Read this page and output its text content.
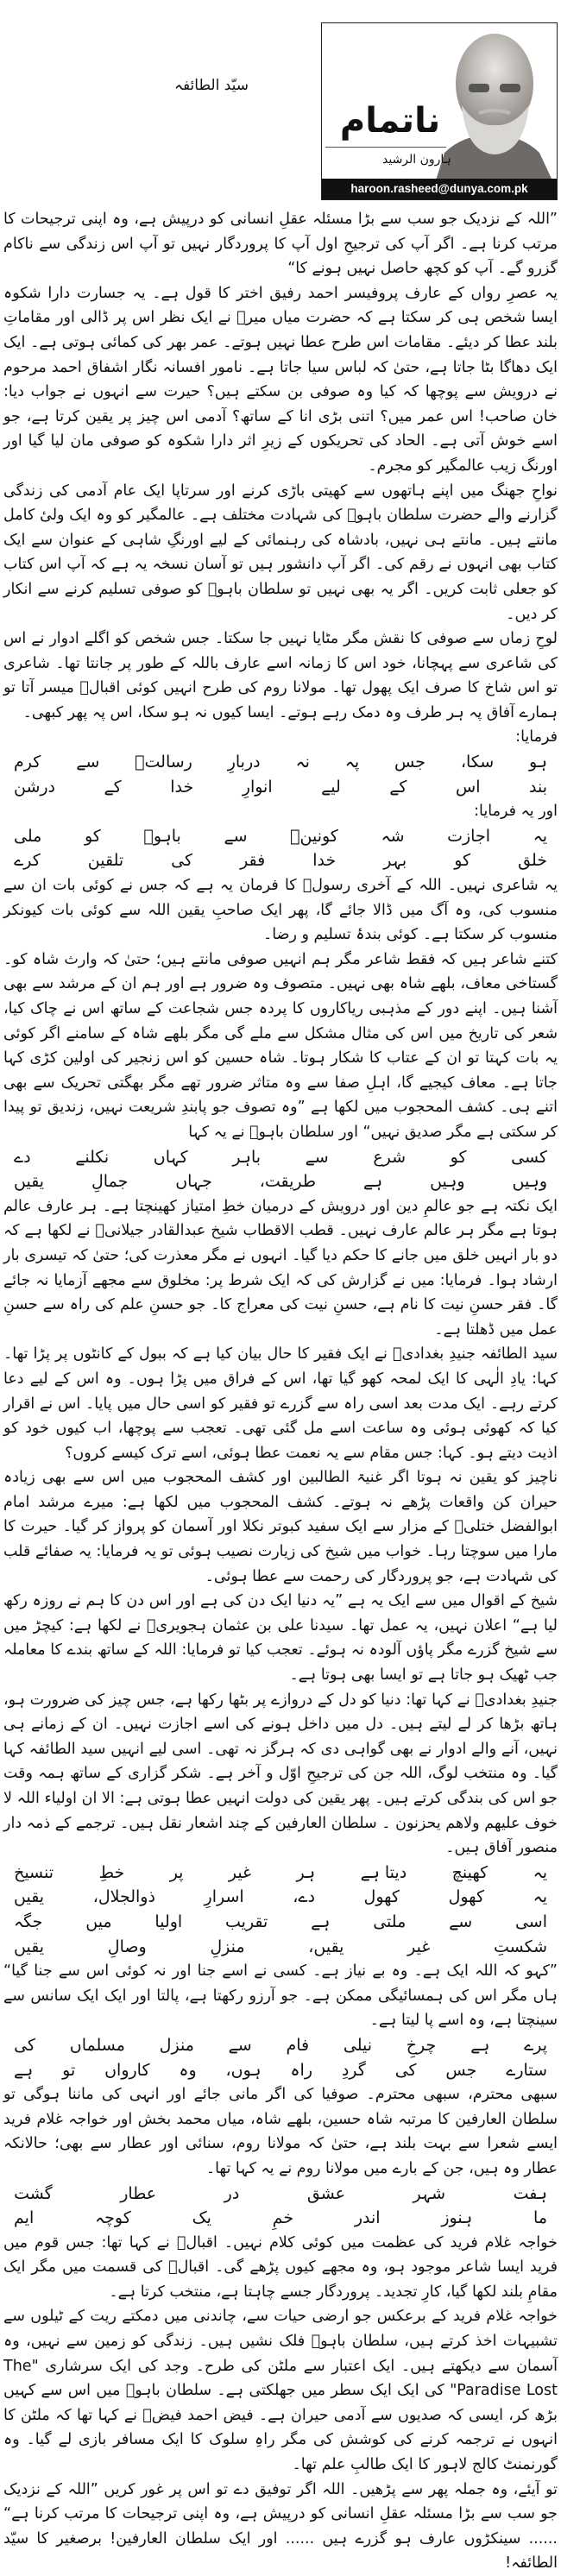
سیّد الطائفہ
ناتمام
ہارون الرشید
haroon.rasheed@dunya.com.pk

”اللہ کے نزدیک جو سب سے بڑا مسئلہ عقلِ انسانی کو درپیش ہے، وہ اپنی ترجیحات کا مرتب کرنا ہے۔ اگر آپ کی ترجیحِ اول آپ کا پروردگار نہیں تو آپ اس زندگی سے ناکام گزرو گے۔ آپ کو کچھ حاصل نہیں ہونے کا“

یہ عصرِ رواں کے عارف پروفیسر احمد رفیق اختر کا قول ہے۔ یہ جسارت دارا شکوہ ایسا شخص ہی کر سکتا ہے کہ حضرت میاں میرؒ نے ایک نظر اس پر ڈالی اور مقاماتِ بلند عطا کر دیئے۔ مقامات اس طرح عطا نہیں ہوتے۔ عمر بھر کی کمائی ہوتی ہے۔ ایک ایک دھاگا بٹا جاتا ہے، حتیٰ کہ لباس سیا جاتا ہے۔ نامور افسانہ نگار اشفاق احمد مرحوم نے درویش سے پوچھا کہ کیا وہ صوفی بن سکتے ہیں؟ حیرت سے انہوں نے جواب دیا: خان صاحب! اس عمر میں؟ اتنی بڑی انا کے ساتھ؟ آدمی اس چیز پر یقین کرتا ہے، جو اسے خوش آتی ہے۔ الحاد کی تحریکوں کے زیرِ اثر دارا شکوہ کو صوفی مان لیا گیا اور اورنگ زیب عالمگیر کو مجرم۔

نواحِ جھنگ میں اپنے ہاتھوں سے کھیتی باڑی کرنے اور سرتاپا ایک عام آدمی کی زندگی گزارنے والے حضرت سلطان باہوؒ کی شہادت مختلف ہے۔ عالمگیر کو وہ ایک ولیٔ کامل مانتے ہیں۔ مانتے ہی نہیں، بادشاہ کی رہنمائی کے لیے اورنگِ شاہی کے عنوان سے ایک کتاب بھی انہوں نے رقم کی۔ اگر آپ دانشور ہیں تو آسان نسخہ یہ ہے کہ آپ اس کتاب کو جعلی ثابت کریں۔ اگر یہ بھی نہیں تو سلطان باہوؒ کو صوفی تسلیم کرنے سے انکار کر دیں۔

لوحِ زماں سے صوفی کا نقش مگر مٹایا نہیں جا سکتا۔ جس شخص کو اگلے ادوار نے اس کی شاعری سے پہچانا، خود اس کا زمانہ اسے عارف باللہ کے طور پر جانتا تھا۔ شاعری تو اس شاخ کا صرف ایک پھول تھا۔ مولانا روم کی طرح انہیں کوئی اقبالؒ میسر آتا تو ہمارے آفاق پہ ہر طرف وہ دمک رہے ہوتے۔ ایسا کیوں نہ ہو سکا، اس پہ پھر کبھی۔

فرمایا:

ہو
سکا،
جس
پہ
نہ
دربارِ
رسالتؐ
سے
کرم
بند
اس
کے
لیے
انوارِ
خدا
کے
درشن

اور یہ فرمایا:

یہ
اجازت
شہ
کونینؐ
سے
باہوؒ
کو
ملی
خلق
کو
بہر
خدا
فقر
کی
تلقین
کرے

یہ شاعری نہیں۔ اللہ کے آخری رسولؐ کا فرمان یہ ہے کہ جس نے کوئی بات ان سے منسوب کی، وہ آگ میں ڈالا جائے گا، پھر ایک صاحبِ یقین اللہ سے کوئی بات کیونکر منسوب کر سکتا ہے۔ کوئی بندۂ تسلیم و رضا۔

کتنے شاعر ہیں کہ فقط شاعر مگر ہم انہیں صوفی مانتے ہیں؛ حتیٰ کہ وارث شاہ کو۔ گستاخی معاف، بلھے شاہ بھی نہیں۔ متصوف وہ ضرور ہے اور ہم ان کے مرشد سے بھی آشنا ہیں۔ اپنے دور کے مذہبی ریاکاروں کا پردہ جس شجاعت کے ساتھ اس نے چاک کیا، شعر کی تاریخ میں اس کی مثال مشکل سے ملے گی مگر بلھے شاہ کے سامنے اگر کوئی یہ بات کہتا تو ان کے عتاب کا شکار ہوتا۔ شاہ حسین کو اس زنجیر کی اولین کڑی کہا جاتا ہے۔ معاف کیجیے گا، اہلِ صفا سے وہ متاثر ضرور تھے مگر بھگتی تحریک سے بھی اتنے ہی۔ کشف المحجوب میں لکھا ہے ”وہ تصوف جو پابندِ شریعت نہیں، زندیق تو پیدا کر سکتی ہے مگر صدیق نہیں“ اور سلطان باہوؒ نے یہ کہا

کسی
کو
شرع
سے
باہر
کہاں
نکلنے
دے
وہیں
وہیں
ہے
طریقت،
جہاں
جمالِ
یقیں

ایک نکتہ ہے جو عالمِ دین اور درویش کے درمیان خطِ امتیاز کھینچتا ہے۔ ہر عارف عالم ہوتا ہے مگر ہر عالم عارف نہیں۔ قطب الاقطاب شیخ عبدالقادر جیلانیؒ نے لکھا ہے کہ دو بار انہیں خلق میں جانے کا حکم دیا گیا۔ انہوں نے مگر معذرت کی؛ حتیٰ کہ تیسری بار ارشاد ہوا۔ فرمایا: میں نے گزارش کی کہ ایک شرط پر: مخلوق سے مجھے آزمایا نہ جائے گا۔ فقر حسنِ نیت کا نام ہے، حسنِ نیت کی معراج کا۔ جو حسنِ علم کی راہ سے حسنِ عمل میں ڈھلتا ہے۔

سید الطائفہ جنیدِ بغدادیؒ نے ایک فقیر کا حال بیان کیا ہے کہ ببول کے کانٹوں پر پڑا تھا۔ کہا: یادِ الٰہی کا ایک لمحہ کھو گیا تھا، اس کے فراق میں پڑا ہوں۔ وہ اس کے لیے دعا کرتے رہے۔ ایک مدت بعد اسی راہ سے گزرے تو فقیر کو اسی حال میں پایا۔ اس نے اقرار کیا کہ کھوئی ہوئی وہ ساعت اسے مل گئی تھی۔ تعجب سے پوچھا، اب کیوں خود کو اذیت دیتے ہو۔ کہا: جس مقام سے یہ نعمت عطا ہوئی، اسے ترک کیسے کروں؟

ناچیز کو یقین نہ ہوتا اگر غنیۃ الطالبین اور کشف المحجوب میں اس سے بھی زیادہ حیران کن واقعات پڑھے نہ ہوتے۔ کشف المحجوب میں لکھا ہے: میرے مرشد امام ابوالفضل ختلیؒ کے مزار سے ایک سفید کبوتر نکلا اور آسمان کو پرواز کر گیا۔ حیرت کا مارا میں سوچتا رہا۔ خواب میں شیخ کی زیارت نصیب ہوئی تو یہ فرمایا: یہ صفائے قلب کی شہادت ہے، جو پروردگار کی رحمت سے عطا ہوئی۔

شیخ کے اقوال میں سے ایک یہ ہے ”یہ دنیا ایک دن کی ہے اور اس دن کا ہم نے روزہ رکھ لیا ہے“ اعلان نہیں، یہ عمل تھا۔ سیدنا علی بن عثمان ہجویریؒ نے لکھا ہے: کیچڑ میں سے شیخ گزرے مگر پاؤں آلودہ نہ ہوئے۔ تعجب کیا تو فرمایا: اللہ کے ساتھ بندے کا معاملہ جب ٹھیک ہو جاتا ہے تو ایسا بھی ہوتا ہے۔

جنیدِ بغدادیؒ نے کہا تھا: دنیا کو دل کے دروازے پر بٹھا رکھا ہے، جس چیز کی ضرورت ہو، ہاتھ بڑھا کر لے لیتے ہیں۔ دل میں داخل ہونے کی اسے اجازت نہیں۔ ان کے زمانے ہی نہیں، آنے والے ادوار نے بھی گواہی دی کہ ہرگز نہ تھی۔ اسی لیے انہیں سید الطائفہ کہا گیا۔ وہ منتخب لوگ، اللہ جن کی ترجیحِ اوّل و آخر ہے۔ شکر گزاری کے ساتھ ہمہ وقت جو اس کی بندگی کرتے ہیں۔ پھر یقین کی دولت انہیں عطا ہوتی ہے: الا ان اولیاء اللہ لا خوف علیھم ولاھم یحزنون ۔ سلطان العارفین کے چند اشعار نقل ہیں۔ ترجمے کے ذمہ دار منصور آفاق ہیں۔

یہ
کھینچ
دیتا ہے
ہر
غیر
پر
خطِ
تنسیخ
یہ
کھول
کھول
دے،
اسرارِ
ذوالجلال،
یقیں
اسی
سے
ملتی
ہے
تقریب
اولیا
میں
جگہ
شکستِ
غیر
یقیں،
منزلِ
وصالِ
یقیں

”کہو کہ اللہ ایک ہے۔ وہ بے نیاز ہے۔ کسی نے اسے جنا اور نہ کوئی اس سے جنا گیا“ ہاں مگر اس کی ہمسائیگی ممکن ہے۔ جو آرزو رکھتا ہے، پالتا اور ایک ایک سانس سے سینچتا ہے، وہ اسے پا لیتا ہے۔

پرے
ہے
چرخِ
نیلی
فام
سے
منزل
مسلماں
کی
ستارے
جس
کی
گردِ
راہ
ہوں،
وہ
کارواں
تو
ہے

سبھی محترم، سبھی محترم۔ صوفیا کی اگر مانی جائے اور انہی کی ماننا ہوگی تو سلطان العارفین کا مرتبہ شاہ حسین، بلھے شاہ، میاں محمد بخش اور خواجہ غلام فرید ایسے شعرا سے بہت بلند ہے، حتیٰ کہ مولانا روم، سنائی اور عطار سے بھی؛ حالانکہ عطار وہ ہیں، جن کے بارے میں مولانا روم نے یہ کہا تھا۔

ہفت
شہر
عشق
در
عطار
گشت
ما
ہنوز
اندر
خمِ
یک
کوچہ
ایم

خواجہ غلام فرید کی عظمت میں کوئی کلام نہیں۔ اقبالؒ نے کہا تھا: جس قوم میں فرید ایسا شاعر موجود ہو، وہ مجھے کیوں پڑھے گی۔ اقبالؒ کی قسمت میں مگر ایک مقامِ بلند لکھا گیا، کارِ تجدید۔ پروردگار جسے چاہتا ہے، منتخب کرتا ہے۔

خواجہ غلام فرید کے برعکس جو ارضی حیات سے، چاندنی میں دمکتے ریت کے ٹیلوں سے تشبیہات اخذ کرتے ہیں، سلطان باہوؒ فلک نشیں ہیں۔ زندگی کو زمین سے نہیں، وہ آسمان سے دیکھتے ہیں۔ ایک اعتبار سے ملٹن کی طرح۔ وجد کی ایک سرشاری "The Paradise Lost" کی ایک ایک سطر میں جھلکتی ہے۔ سلطان باہوؒ میں اس سے کہیں بڑھ کر، ایسی کہ صدیوں سے آدمی حیران ہے۔ فیض احمد فیضؔ نے کہا تھا کہ ملٹن کا انہوں نے ترجمہ کرنے کی کوشش کی مگر راہِ سلوک کا ایک مسافر بازی لے گیا۔ وہ گورنمنٹ کالج لاہور کا ایک طالبِ علم تھا۔

تو آیئے، وہ جملہ پھر سے پڑھیں۔ اللہ اگر توفیق دے تو اس پر غور کریں ”اللہ کے نزدیک جو سب سے بڑا مسئلہ عقلِ انسانی کو درپیش ہے، وہ اپنی ترجیحات کا مرتب کرنا ہے“ ...... سینکڑوں عارف ہو گزرے ہیں ...... اور ایک سلطان العارفین! برصغیر کا سیّد الطائفہ!
